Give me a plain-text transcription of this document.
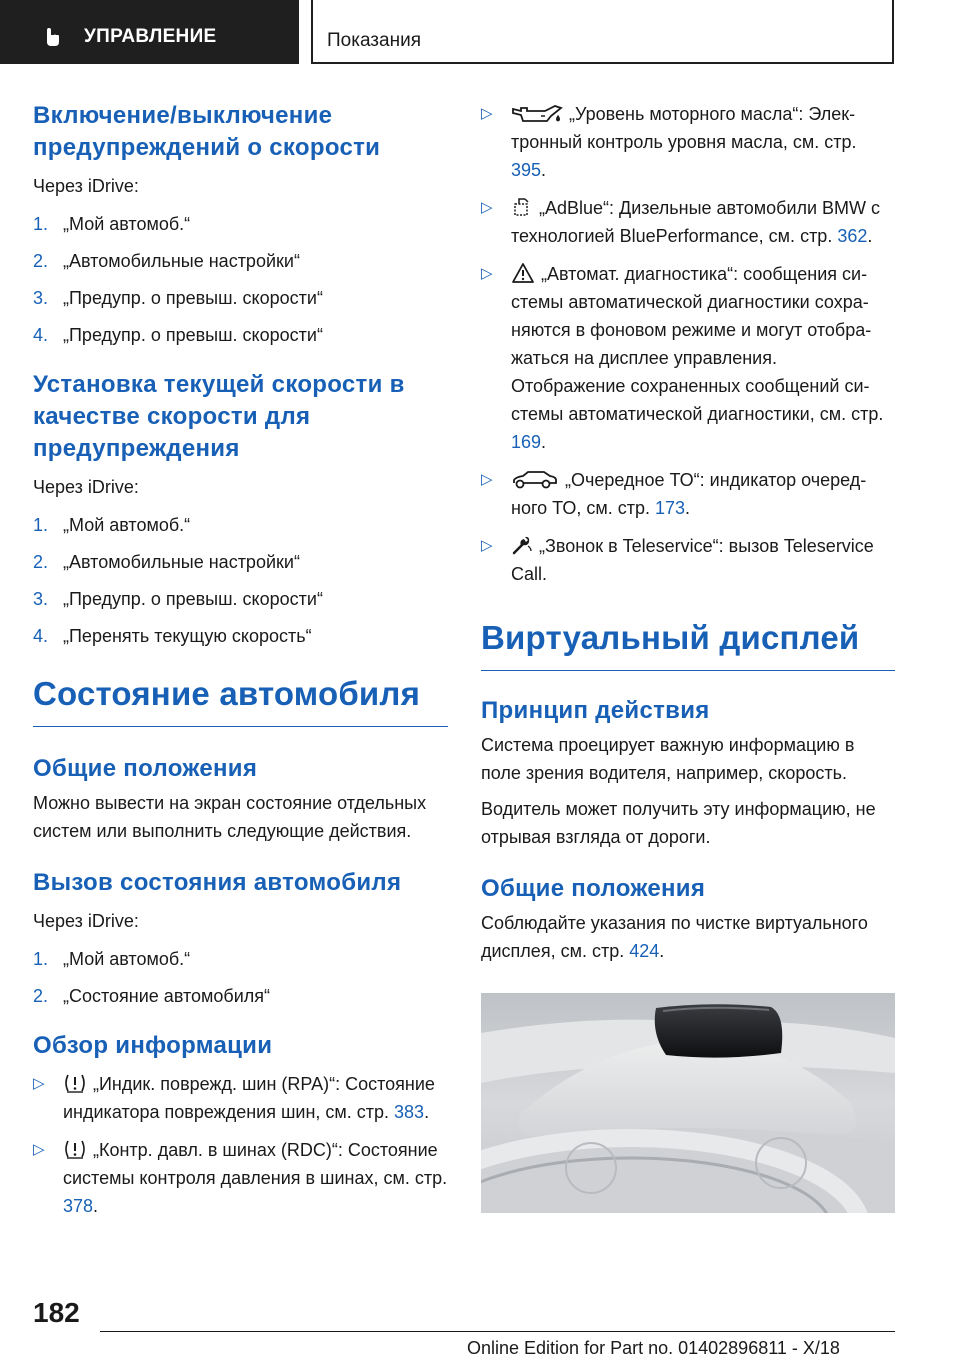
УПРАВЛЕНИЕ	Показания
Включение/выключение предупреждений о скорости

Через iDrive:

1. „Мой автомоб.“
2. „Автомобильные настройки“
3. „Предупр. о превыш. скорости“
4. „Предупр. о превыш. скорости“
Установка текущей скорости в качестве скорости для предупреждения

Через iDrive:

1. „Мой автомоб.“
2. „Автомобильные настройки“
3. „Предупр. о превыш. скорости“
4. „Перенять текущую скорость“
Состояние автомобиля
Общие положения

Можно вывести на экран состояние отдельных систем или выполнить следующие действия.

Вызов состояния автомобиля

Через iDrive:

1. „Мой автомоб.“
2. „Состояние автомобиля“
Обзор информации
▷	„Индик. поврежд. шин (RPA)“: Состояние индикатора повреждения шин, см. стр. 383.
▷	„Контр. давл. в шинах (RDC)“: Состояние системы контроля давления в шинах, см. стр. 378.
▷	„Уровень моторного масла“: Электронный контроль уровня масла, см. стр. 395.
▷	„AdBlue“: Дизельные автомобили BMW с технологией BluePerformance, см. стр. 362.
▷	„Автомат. диагностика“: сообщения системы автоматической диагностики сохраняются в фоновом режиме и могут отображаться на дисплее управления. Отображение сохраненных сообщений системы автоматической диагностики, см. стр. 169.
▷	„Очередное ТО“: индикатор очередного ТО, см. стр. 173.
▷	„Звонок в Teleservice“: вызов Teleservice Call.
Виртуальный дисплей
Принцип действия

Система проецирует важную информацию в поле зрения водителя, например, скорость.

Водитель может получить эту информацию, не отрывая взгляда от дороги.

Общие положения

Соблюдайте указания по чистке виртуального дисплея, см. стр. 424.

182
Online Edition for Part no. 01402896811 - X/18
